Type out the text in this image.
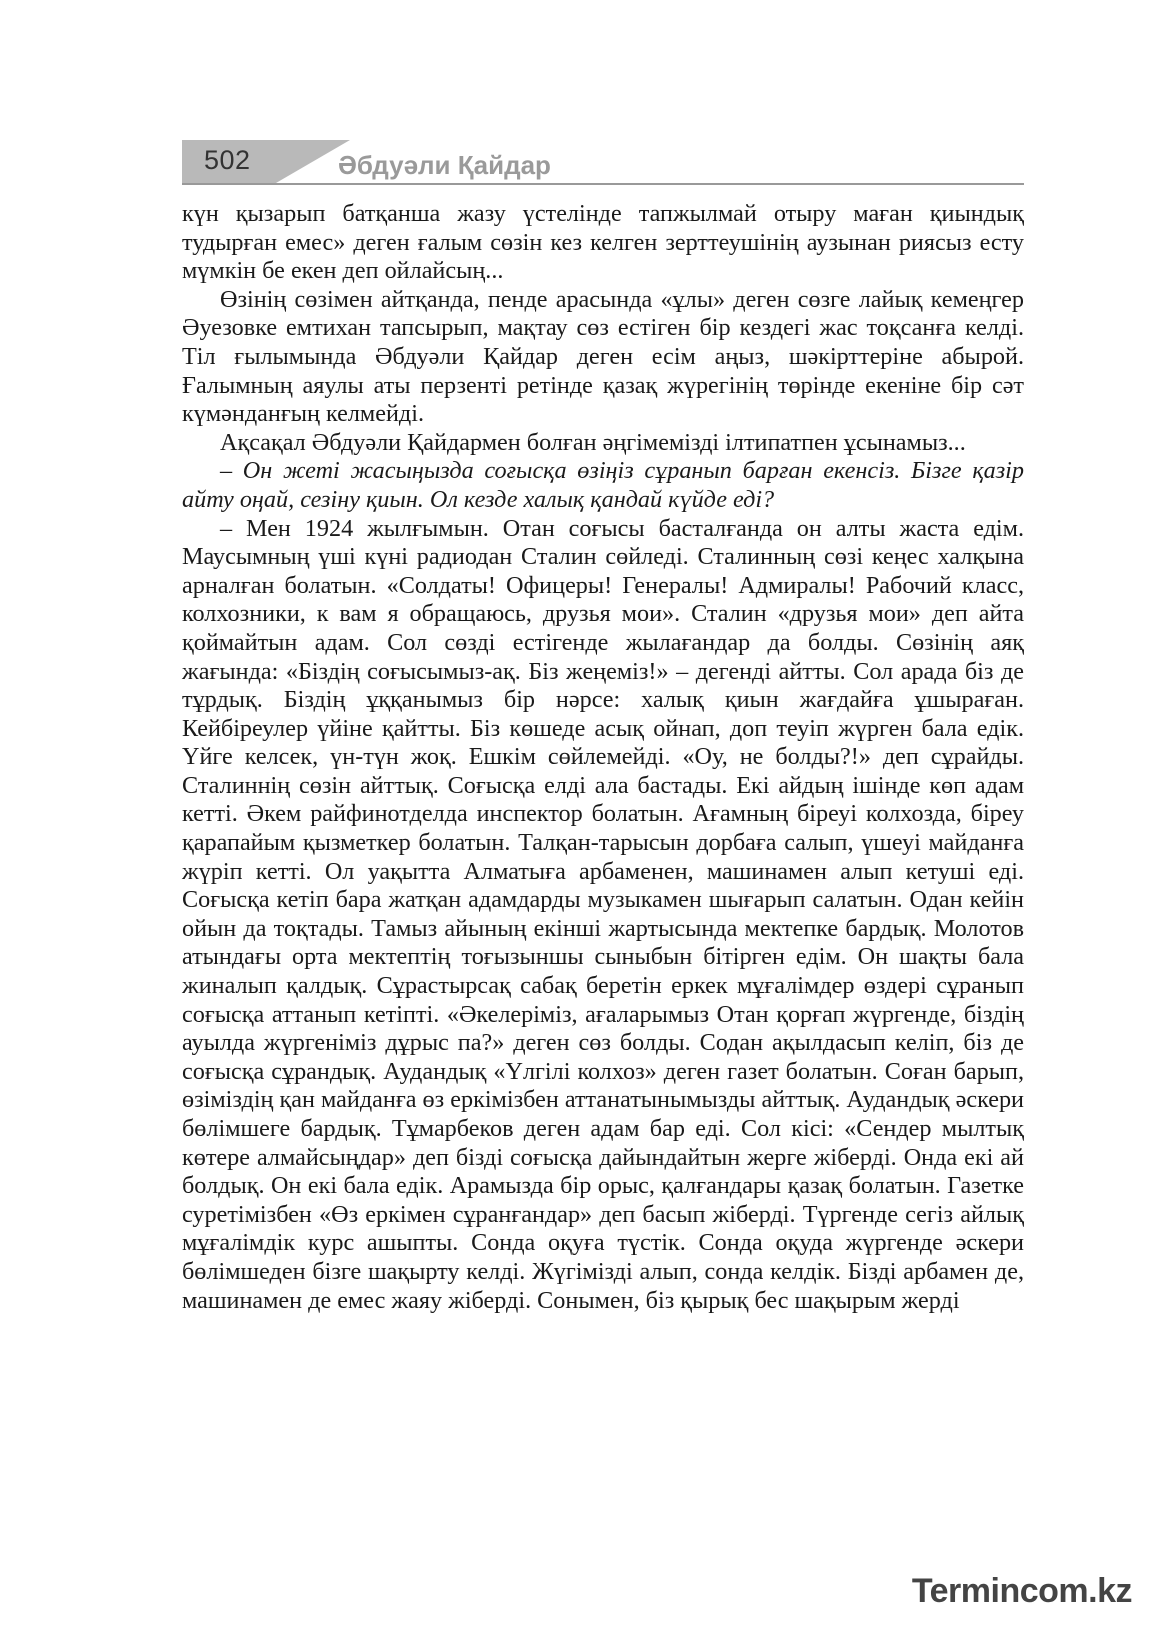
502	Әбдуәли Қайдар

күн қызарып батқанша жазу үстелінде тапжылмай отыру маған қиындық тудырған емес» деген ғалым сөзін кез келген зерттеушінің аузынан риясыз есту мүмкін бе екен деп ойлайсың...

Өзінің сөзімен айтқанда, пенде арасында «ұлы» деген сөзге лайық кемеңгер Әуезовке емтихан тапсырып, мақтау сөз естіген бір кездегі жас тоқсанға келді. Тіл ғылымында Әбдуәли Қайдар деген есім аңыз, шәкірттеріне абырой. Ғалымның аяулы аты перзенті ретінде қазақ жүрегінің төрінде екеніне бір сәт күмәнданғың келмейді.

Ақсақал Әбдуәли Қайдармен болған әңгімемізді ілтипатпен ұсынамыз...

– Он жеті жасыңызда соғысқа өзіңіз сұранып барған екенсіз. Бізге қазір айту оңай, сезіну қиын. Ол кезде халық қандай күйде еді?

– Мен 1924 жылғымын. Отан соғысы басталғанда он алты жаста едім. Маусымның үші күні радиодан Сталин сөйледі. Сталинның сөзі кеңес халқына арналған болатын. «Солдаты! Офицеры! Генералы! Адмиралы! Рабочий класс, колхозники, к вам я обращаюсь, друзья мои». Сталин «друзья мои» деп айта қоймайтын адам. Сол сөзді естігенде жылағандар да болды. Сөзінің аяқ жағында: «Біздің соғысымыз-ақ. Біз жеңеміз!» – дегенді айтты. Сол арада біз де тұрдық. Біздің ұққанымыз бір нәрсе: халық қиын жағдайға ұшыраған. Кейбіреулер үйіне қайтты. Біз көшеде асық ойнап, доп теуіп жүрген бала едік. Үйге келсек, үн-түн жоқ. Ешкім сөйлемейді. «Оу, не болды?!» деп сұрайды. Сталиннің сөзін айттық. Соғысқа елді ала бастады. Екі айдың ішінде көп адам кетті. Әкем райфинотделда инспектор болатын. Ағамның біреуі колхозда, біреу қарапайым қызметкер болатын. Талқан-тарысын дорбаға салып, үшеуі майданға жүріп кетті. Ол уақытта Алматыға арбаменен, машинамен алып кетуші еді. Соғысқа кетіп бара жатқан адамдарды музыкамен шығарып салатын. Одан кейін ойын да тоқтады. Тамыз айының екінші жартысында мектепке бардық. Молотов атындағы орта мектептің тоғызыншы сыныбын бітірген едім. Он шақты бала жиналып қалдық. Сұрастырсақ сабақ беретін еркек мұғалімдер өздері сұранып соғысқа аттанып кетіпті. «Әкелеріміз, ағаларымыз Отан қорғап жүргенде, біздің ауылда жүргеніміз дұрыс па?» деген сөз болды. Содан ақылдасып келіп, біз де соғысқа сұрандық. Аудандық «Үлгілі колхоз» деген газет болатын. Соған барып, өзіміздің қан майданға өз еркімізбен аттанатынымызды айттық. Аудандық әскери бөлімшеге бардық. Тұмарбеков деген адам бар еді. Сол кісі: «Сендер мылтық көтере алмайсыңдар» деп бізді соғысқа дайындайтын жерге жіберді. Онда екі ай болдық. Он екі бала едік. Арамызда бір орыс, қалғандары қазақ болатын. Газетке суретімізбен «Өз еркімен сұранғандар» деп басып жіберді. Түргенде сегіз айлық мұғалімдік курс ашыпты. Сонда оқуға түстік. Сонда оқуда жүргенде әскери бөлімшеден бізге шақырту келді. Жүгімізді алып, сонда келдік. Бізді арбамен де, машинамен де емес жаяу жіберді. Сонымен, біз қырық бес шақырым жерді

Termincom.kz
